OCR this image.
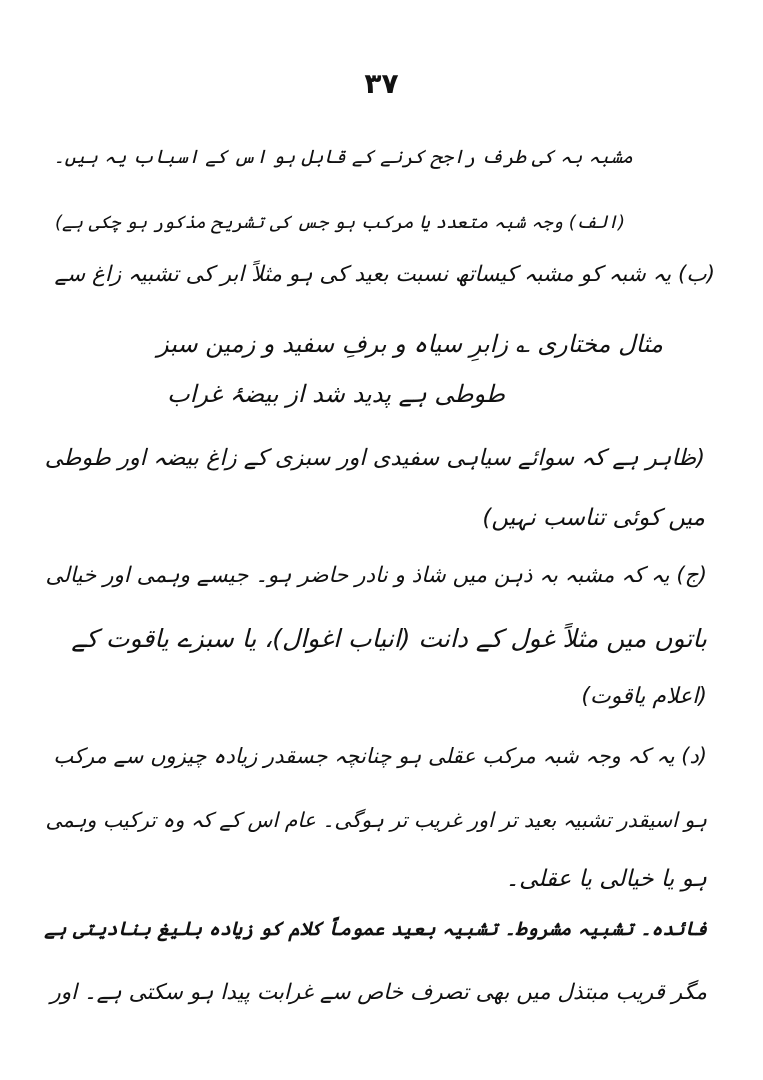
۳۷
مشبہ بہ کی طرف راجح کرنے کے قابل ہو اس کے اسباب یہ ہیں۔
(الف) وجہ شبہ متعدد یا مرکب ہو جس کی تشریح مذکور ہو چکی ہے)
(ب) یہ شبہ کو مشبہ کیساتھ نسبت بعید کی ہو مثلاً ابر کی تشبیہ زاغ سے
مثال مختاری ؎ زابرِ سیاہ و برفِ سفید و زمین سبز
طوطی ہے پدید شد از بیضۂ غراب
(ظاہر ہے کہ سوائے سیاہی سفیدی اور سبزی کے زاغ بیضہ اور طوطی
میں کوئی تناسب نہیں)
(ج) یہ کہ مشبہ بہ ذہن میں شاذ و نادر حاضر ہو۔ جیسے وہمی اور خیالی
باتوں میں مثلاً غول کے دانت (انیاب اغوال)، یا سبزے یاقوت کے
(اعلام یاقوت)
(د) یہ کہ وجہ شبہ مرکب عقلی ہو چنانچہ جسقدر زیادہ چیزوں سے مرکب
ہو اسیقدر تشبیہ بعید تر اور غریب تر ہوگی۔ عام اس کے کہ وہ ترکیب وہمی
ہو یا خیالی یا عقلی۔
فائدہ۔ تشبیہ مشروط۔ تشبیہ بعید عموماً کلام کو زیادہ بلیغ بنادیتی ہے
مگر قریب مبتذل میں بھی تصرف خاص سے غرابت پیدا ہو سکتی ہے۔ اور
